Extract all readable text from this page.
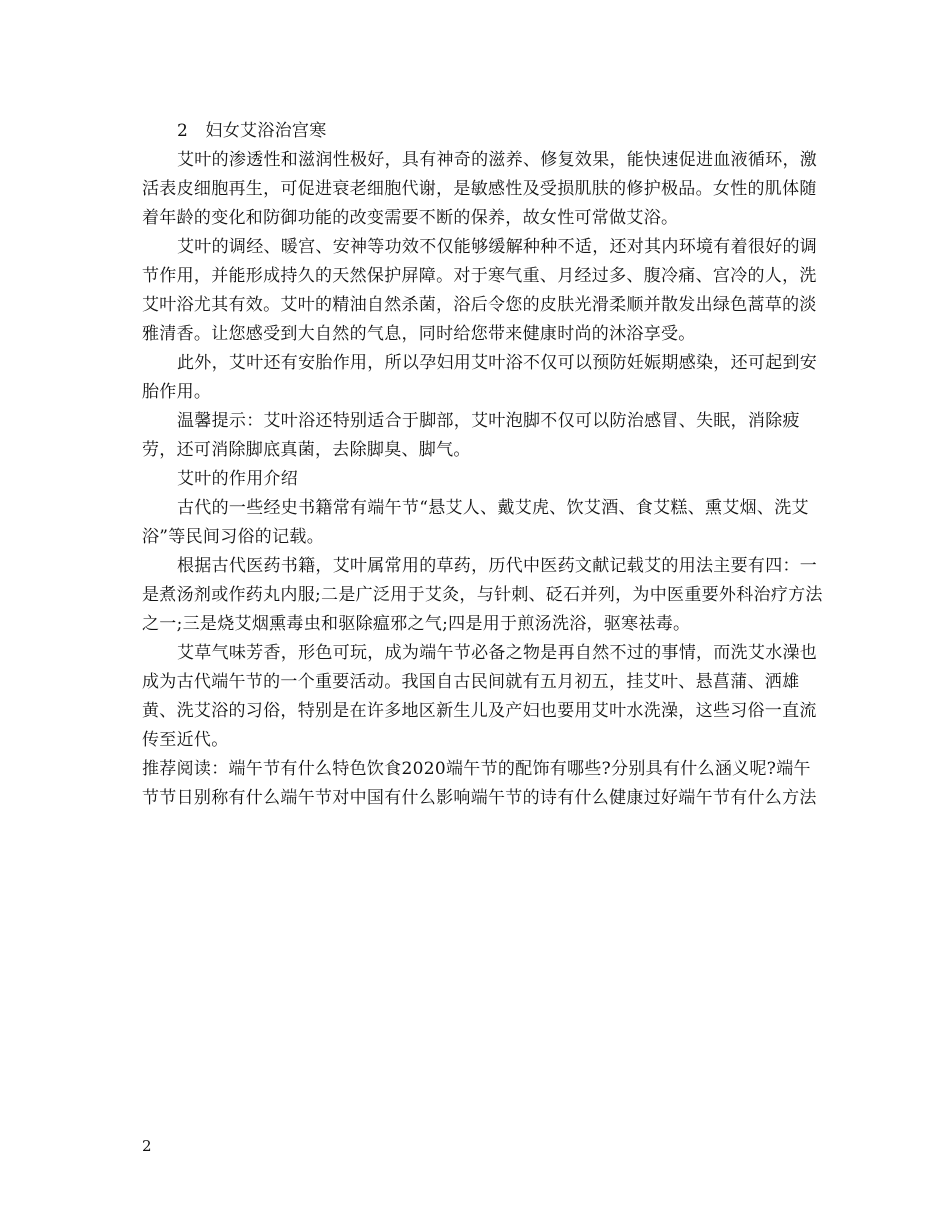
2　妇女艾浴治宫寒

艾叶的渗透性和滋润性极好，具有神奇的滋养、修复效果，能快速促进血液循环，激活表皮细胞再生，可促进衰老细胞代谢，是敏感性及受损肌肤的修护极品。女性的肌体随着年龄的变化和防御功能的改变需要不断的保养，故女性可常做艾浴。

艾叶的调经、暖宫、安神等功效不仅能够缓解种种不适，还对其内环境有着很好的调节作用，并能形成持久的天然保护屏障。对于寒气重、月经过多、腹冷痛、宫冷的人，洗艾叶浴尤其有效。艾叶的精油自然杀菌，浴后令您的皮肤光滑柔顺并散发出绿色蒿草的淡雅清香。让您感受到大自然的气息，同时给您带来健康时尚的沐浴享受。

此外，艾叶还有安胎作用，所以孕妇用艾叶浴不仅可以预防妊娠期感染，还可起到安胎作用。

温馨提示：艾叶浴还特别适合于脚部，艾叶泡脚不仅可以防治感冒、失眠，消除疲劳，还可消除脚底真菌，去除脚臭、脚气。

艾叶的作用介绍

古代的一些经史书籍常有端午节“悬艾人、戴艾虎、饮艾酒、食艾糕、熏艾烟、洗艾浴”等民间习俗的记载。

根据古代医药书籍，艾叶属常用的草药，历代中医药文献记载艾的用法主要有四：一是煮汤剂或作药丸内服;二是广泛用于艾灸，与针刺、砭石并列，为中医重要外科治疗方法之一;三是烧艾烟熏毒虫和驱除瘟邪之气;四是用于煎汤洗浴，驱寒祛毒。

艾草气味芳香，形色可玩，成为端午节必备之物是再自然不过的事情，而洗艾水澡也成为古代端午节的一个重要活动。我国自古民间就有五月初五，挂艾叶、悬菖蒲、洒雄黄、洗艾浴的习俗，特别是在许多地区新生儿及产妇也要用艾叶水洗澡，这些习俗一直流传至近代。

推荐阅读：端午节有什么特色饮食2020端午节的配饰有哪些?分别具有什么涵义呢?端午节节日别称有什么端午节对中国有什么影响端午节的诗有什么健康过好端午节有什么方法

2
